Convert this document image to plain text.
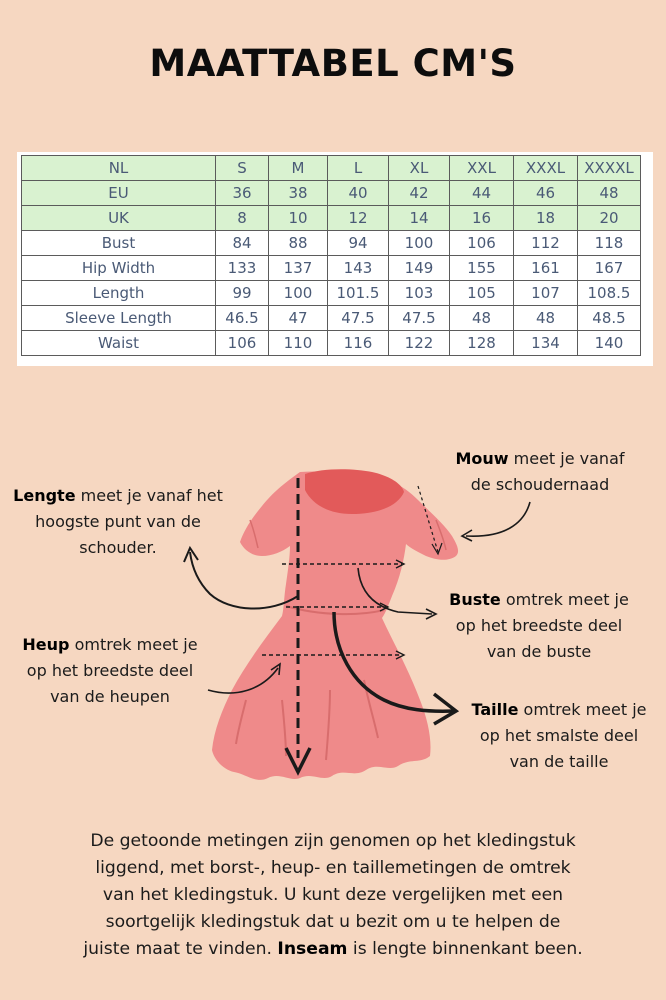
MAATTABEL CM'S
NL	S	M	L	XL	XXL	XXXL	XXXXL
EU	36	38	40	42	44	46	48
UK	8	10	12	14	16	18	20
Bust	84	88	94	100	106	112	118
Hip Width	133	137	143	149	155	161	167
Length	99	100	101.5	103	105	107	108.5
Sleeve Length	46.5	47	47.5	47.5	48	48	48.5
Waist	106	110	116	122	128	134	140
Lengte meet je vanaf het
hoogste punt van de
schouder.
Mouw meet je vanaf
de schoudernaad
Buste omtrek meet je
op het breedste deel
van de buste
Heup omtrek meet je
op het breedste deel
van de heupen
Taille omtrek meet je
op het smalste deel
van de taille
De getoonde metingen zijn genomen op het kledingstuk
liggend, met borst-, heup- en taillemetingen de omtrek
van het kledingstuk. U kunt deze vergelijken met een
soortgelijk kledingstuk dat u bezit om u te helpen de
juiste maat te vinden. Inseam is lengte binnenkant been.
